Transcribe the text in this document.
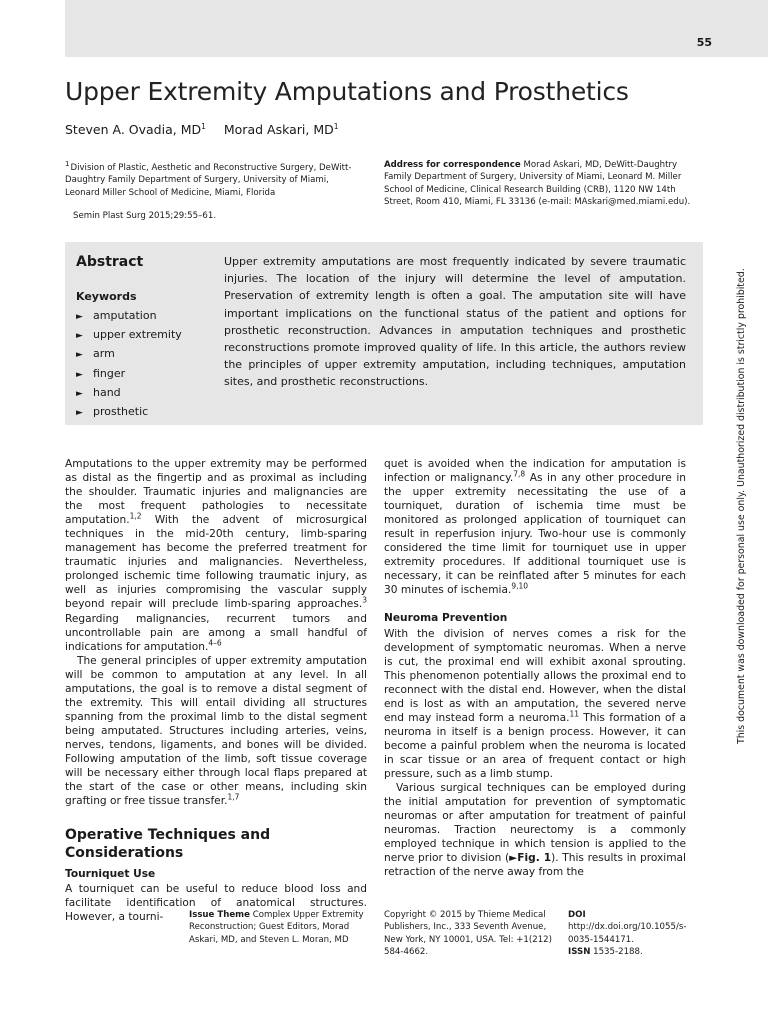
55
Upper Extremity Amputations and Prosthetics
Steven A. Ovadia, $MD^1$ Morad Askari, $MD^1$
$^1$Division of Plastic, Aesthetic and Reconstructive Surgery, DeWitt-Daughtry Family Department of Surgery, University of Miami, Leonard Miller School of Medicine, Miami, Florida
Semin Plast Surg 2015;29:55–61.
Address for correspondence Morad Askari, MD, DeWitt-Daughtry Family Department of Surgery, University of Miami, Leonard M. Miller School of Medicine, Clinical Research Building (CRB), 1120 NW 14th Street, Room 410, Miami, FL 33136 (e-mail: MAskari@med.miami.edu).
Abstract
Keywords
► amputation
► upper extremity
► arm
► finger
► hand
► prosthetic

Upper extremity amputations are most frequently indicated by severe traumatic injuries. The location of the injury will determine the level of amputation. Preservation of extremity length is often a goal. The amputation site will have important implications on the functional status of the patient and options for prosthetic reconstruction. Advances in amputation techniques and prosthetic reconstructions promote improved quality of life. In this article, the authors review the principles of upper extremity amputation, including techniques, amputation sites, and prosthetic reconstructions.

Amputations to the upper extremity may be performed as distal as the fingertip and as proximal as including the shoulder. Traumatic injuries and malignancies are the most frequent pathologies to necessitate amputation.$^{1,2}$ With the advent of microsurgical techniques in the mid-20th century, limb-sparing management has become the preferred treatment for traumatic injuries and malignancies. Nevertheless, prolonged ischemic time following traumatic injury, as well as injuries compromising the vascular supply beyond repair will preclude limb-sparing approaches.$^3$ Regarding malignancies, recurrent tumors and uncontrollable pain are among a small handful of indications for amputation.$^{4-6}$

The general principles of upper extremity amputation will be common to amputation at any level. In all amputations, the goal is to remove a distal segment of the extremity. This will entail dividing all structures spanning from the proximal limb to the distal segment being amputated. Structures including arteries, veins, nerves, tendons, ligaments, and bones will be divided. Following amputation of the limb, soft tissue coverage will be necessary either through local flaps prepared at the start of the case or other means, including skin grafting or free tissue transfer.$^{1,7}$

Operative Techniques and Considerations
Tourniquet Use

A tourniquet can be useful to reduce blood loss and facilitate identification of anatomical structures. However, a tourni-

quet is avoided when the indication for amputation is infection or malignancy.$^{7,8}$ As in any other procedure in the upper extremity necessitating the use of a tourniquet, duration of ischemia time must be monitored as prolonged application of tourniquet can result in reperfusion injury. Two-hour use is commonly considered the time limit for tourniquet use in upper extremity procedures. If additional tourniquet use is necessary, it can be reinflated after 5 minutes for each 30 minutes of ischemia.$^{9,10}$

Neuroma Prevention

With the division of nerves comes a risk for the development of symptomatic neuromas. When a nerve is cut, the proximal end will exhibit axonal sprouting. This phenomenon potentially allows the proximal end to reconnect with the distal end. However, when the distal end is lost as with an amputation, the severed nerve end may instead form a neuroma.$^{11}$ This formation of a neuroma in itself is a benign process. However, it can become a painful problem when the neuroma is located in scar tissue or an area of frequent contact or high pressure, such as a limb stump.

Various surgical techniques can be employed during the initial amputation for prevention of symptomatic neuromas or after amputation for treatment of painful neuromas. Traction neurectomy is a commonly employed technique in which tension is applied to the nerve prior to division (►Fig. 1). This results in proximal retraction of the nerve away from the

This document was downloaded for personal use only. Unauthorized distribution is strictly prohibited.
Issue Theme Complex Upper Extremity Reconstruction; Guest Editors, Morad Askari, MD, and Steven L. Moran, MD
Copyright © 2015 by Thieme Medical Publishers, Inc., 333 Seventh Avenue, New York, NY 10001, USA. Tel: +1(212) 584-4662.
DOI http://dx.doi.org/10.1055/s-0035-1544171.
ISSN 1535-2188.
